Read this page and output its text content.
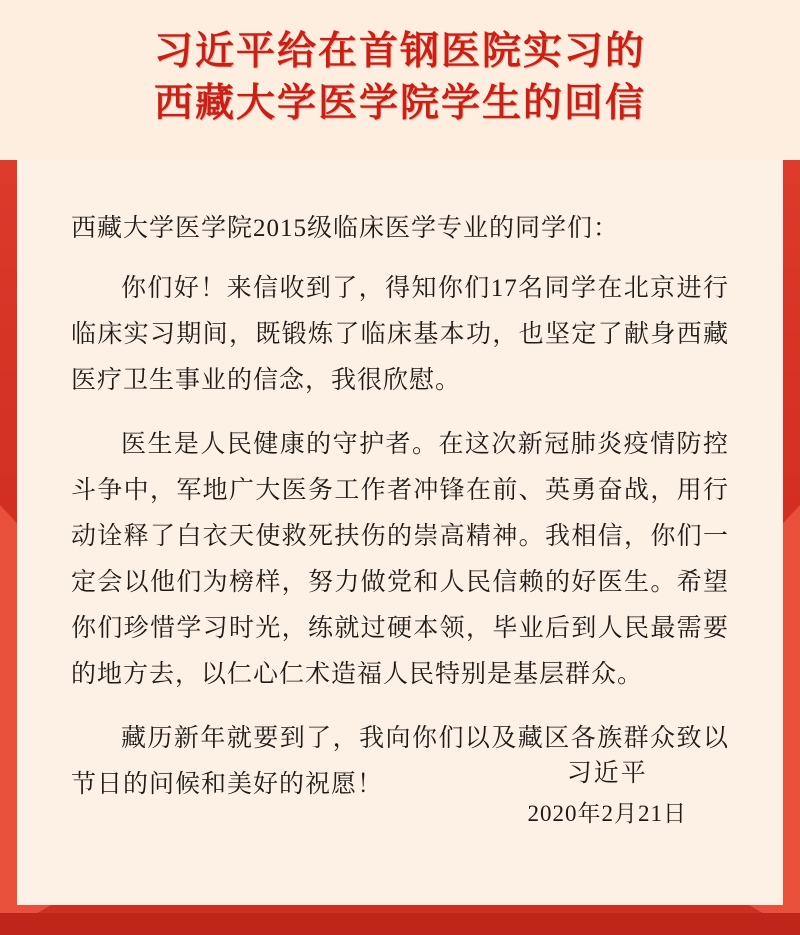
习近平给在首钢医院实习的
西藏大学医学院学生的回信

西藏大学医学院2015级临床医学专业的同学们：

你们好！来信收到了，得知你们17名同学在北京进行临床实习期间，既锻炼了临床基本功，也坚定了献身西藏医疗卫生事业的信念，我很欣慰。

医生是人民健康的守护者。在这次新冠肺炎疫情防控斗争中，军地广大医务工作者冲锋在前、英勇奋战，用行动诠释了白衣天使救死扶伤的崇高精神。我相信，你们一定会以他们为榜样，努力做党和人民信赖的好医生。希望你们珍惜学习时光，练就过硬本领，毕业后到人民最需要的地方去，以仁心仁术造福人民特别是基层群众。

藏历新年就要到了，我向你们以及藏区各族群众致以节日的问候和美好的祝愿！	习近平
2020年2月21日
